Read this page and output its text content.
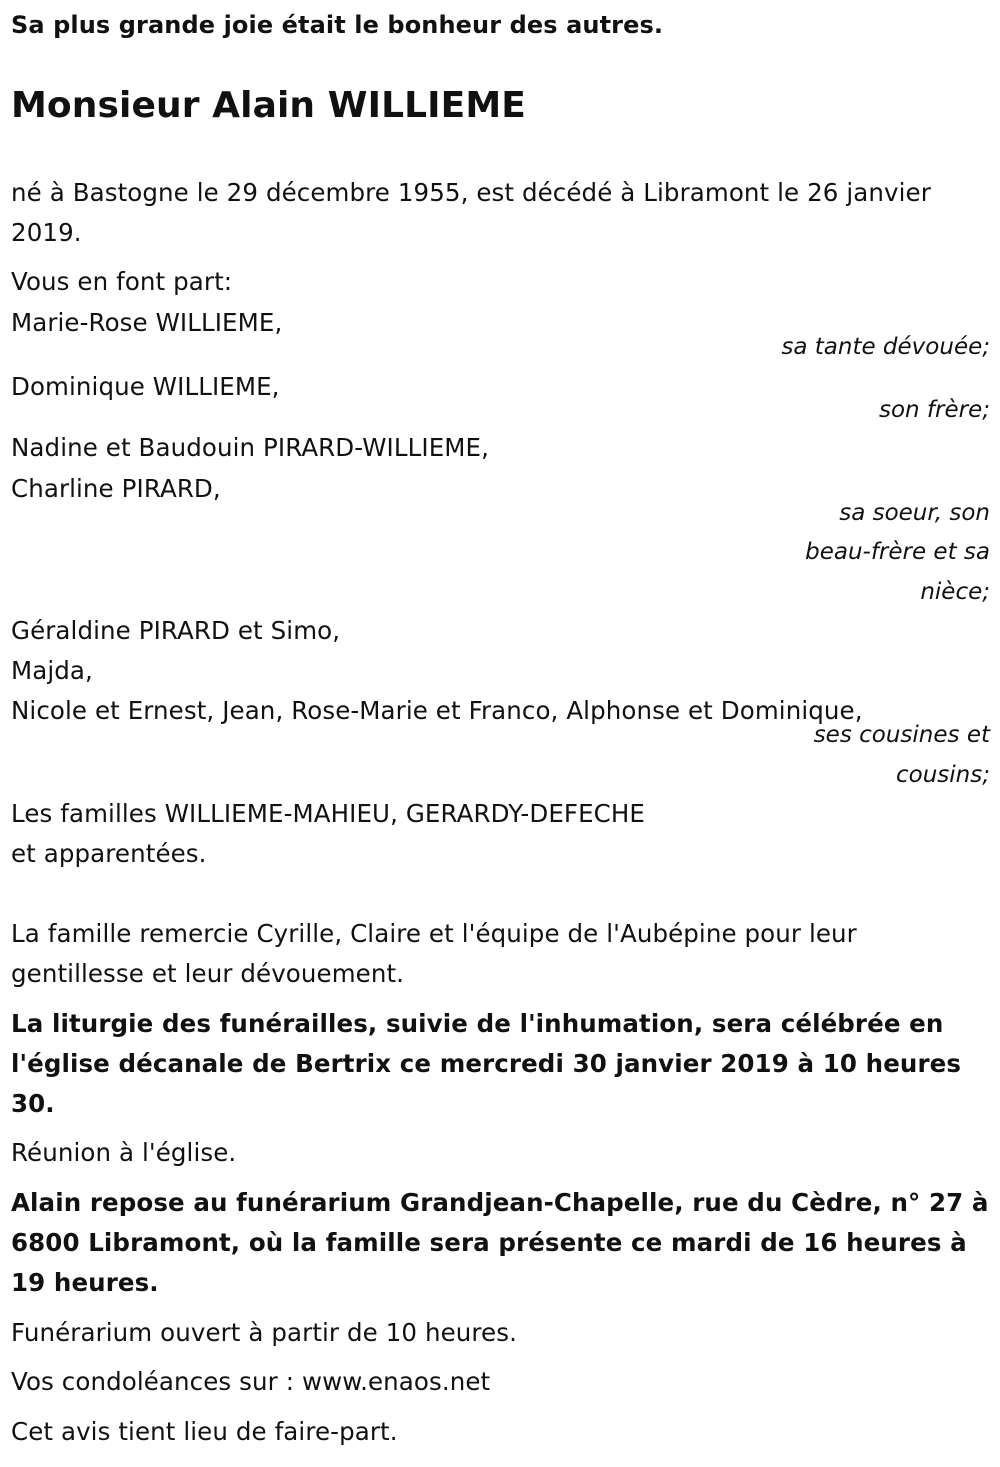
Sa plus grande joie était le bonheur des autres.
Monsieur Alain WILLIEME
né à Bastogne le 29 décembre 1955, est décédé à Libramont le 26 janvier
2019.
Vous en font part:
Marie-Rose WILLIEME,
sa tante dévouée;
Dominique WILLIEME,
son frère;
Nadine et Baudouin PIRARD-WILLIEME,
Charline PIRARD,
sa soeur, son
beau-frère et sa
nièce;
Géraldine PIRARD et Simo,
Majda,
Nicole et Ernest, Jean, Rose-Marie et Franco, Alphonse et Dominique,
ses cousines et
cousins;
Les familles WILLIEME-MAHIEU, GERARDY-DEFECHE
et apparentées.
La famille remercie Cyrille, Claire et l'équipe de l'Aubépine pour leur
gentillesse et leur dévouement.
La liturgie des funérailles, suivie de l'inhumation, sera célébrée en
l'église décanale de Bertrix ce mercredi 30 janvier 2019 à 10 heures
30.
Réunion à l'église.
Alain repose au funérarium Grandjean-Chapelle, rue du Cèdre, n° 27 à
6800 Libramont, où la famille sera présente ce mardi de 16 heures à
19 heures.
Funérarium ouvert à partir de 10 heures.
Vos condoléances sur : www.enaos.net
Cet avis tient lieu de faire-part.
